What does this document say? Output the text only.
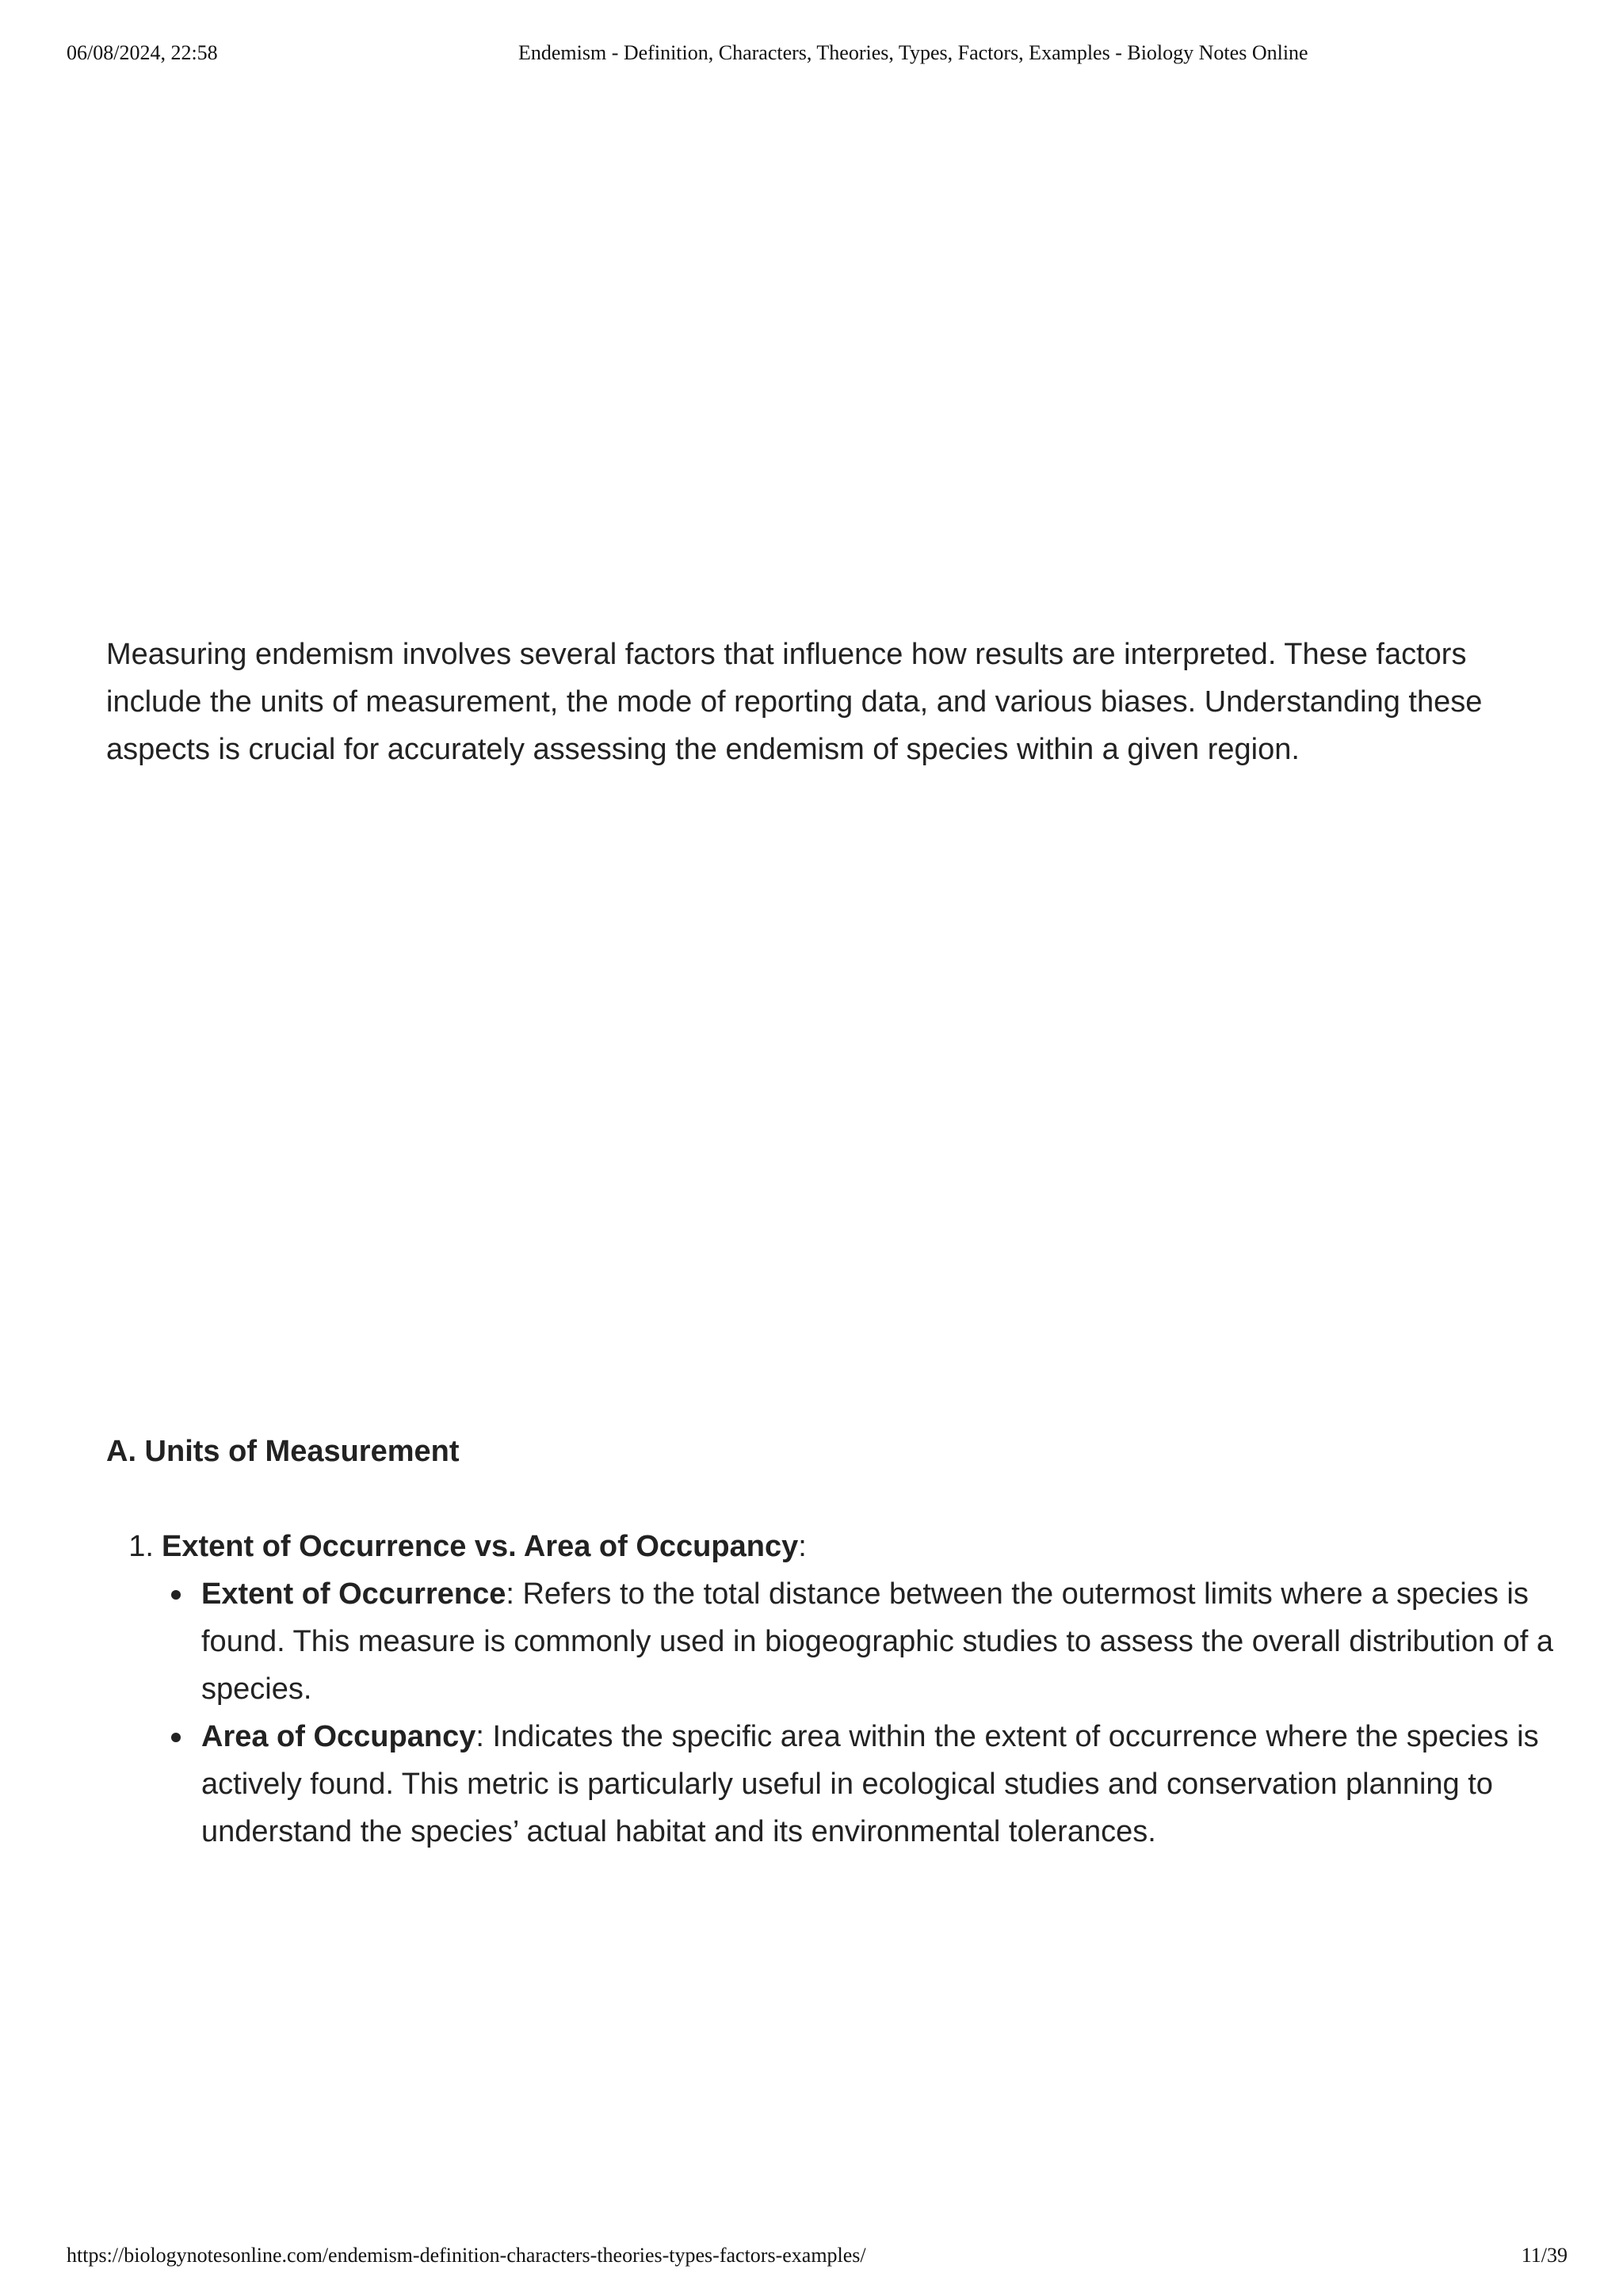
06/08/2024, 22:58	Endemism - Definition, Characters, Theories, Types, Factors, Examples - Biology Notes Online

Measuring endemism involves several factors that influence how results are interpreted. These factors include the units of measurement, the mode of reporting data, and various biases. Understanding these aspects is crucial for accurately assessing the endemism of species within a given region.

A. Units of Measurement
1. Extent of Occurrence vs. Area of Occupancy:
Extent of Occurrence: Refers to the total distance between the outermost limits where a species is found. This measure is commonly used in biogeographic studies to assess the overall distribution of a species.
Area of Occupancy: Indicates the specific area within the extent of occurrence where the species is actively found. This metric is particularly useful in ecological studies and conservation planning to understand the species’ actual habitat and its environmental tolerances.
https://biologynotesonline.com/endemism-definition-characters-theories-types-factors-examples/	11/39
